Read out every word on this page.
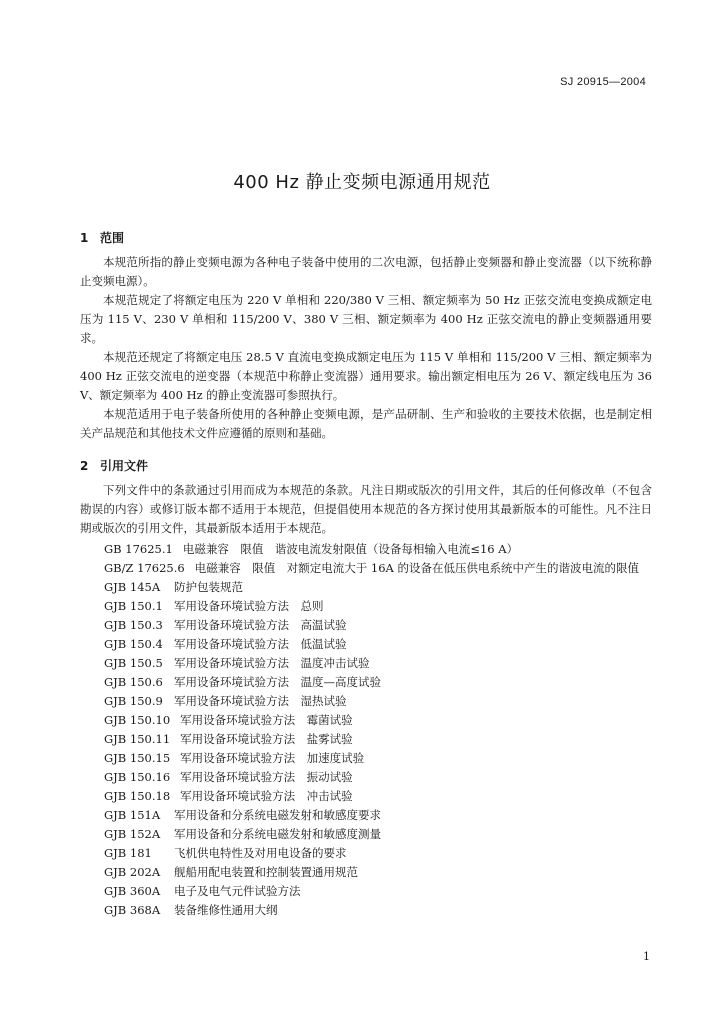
SJ 20915—2004
400 Hz 静止变频电源通用规范
1 范围

本规范所指的静止变频电源为各种电子装备中使用的二次电源，包括静止变频器和静止变流器（以下统称静止变频电源）。

本规范规定了将额定电压为 220 V 单相和 220/380 V 三相、额定频率为 50 Hz 正弦交流电变换成额定电压为 115 V、230 V 单相和 115/200 V、380 V 三相、额定频率为 400 Hz 正弦交流电的静止变频器通用要求。

本规范还规定了将额定电压 28.5 V 直流电变换成额定电压为 115 V 单相和 115/200 V 三相、额定频率为 400 Hz 正弦交流电的逆变器（本规范中称静止变流器）通用要求。输出额定相电压为 26 V、额定线电压为 36 V、额定频率为 400 Hz 的静止变流器可参照执行。

本规范适用于电子装备所使用的各种静止变频电源，是产品研制、生产和验收的主要技术依据，也是制定相关产品规范和其他技术文件应遵循的原则和基础。

2 引用文件

下列文件中的条款通过引用而成为本规范的条款。凡注日期或版次的引用文件，其后的任何修改单（不包含勘误的内容）或修订版本都不适用于本规范，但提倡使用本规范的各方探讨使用其最新版本的可能性。凡不注日期或版次的引用文件，其最新版本适用于本规范。

GB 17625.1 电磁兼容　限值　谐波电流发射限值（设备每相输入电流≤16 A）
GB/Z 17625.6 电磁兼容　限值　对额定电流大于 16A 的设备在低压供电系统中产生的谐波电流的限值
GJB 145A 防护包装规范
GJB 150.1 军用设备环境试验方法　总则
GJB 150.3 军用设备环境试验方法　高温试验
GJB 150.4 军用设备环境试验方法　低温试验
GJB 150.5 军用设备环境试验方法　温度冲击试验
GJB 150.6 军用设备环境试验方法　温度—高度试验
GJB 150.9 军用设备环境试验方法　湿热试验
GJB 150.10 军用设备环境试验方法　霉菌试验
GJB 150.11 军用设备环境试验方法　盐雾试验
GJB 150.15 军用设备环境试验方法　加速度试验
GJB 150.16 军用设备环境试验方法　振动试验
GJB 150.18 军用设备环境试验方法　冲击试验
GJB 151A 军用设备和分系统电磁发射和敏感度要求
GJB 152A 军用设备和分系统电磁发射和敏感度测量
GJB 181 飞机供电特性及对用电设备的要求
GJB 202A 舰船用配电装置和控制装置通用规范
GJB 360A 电子及电气元件试验方法
GJB 368A 装备维修性通用大纲
1
